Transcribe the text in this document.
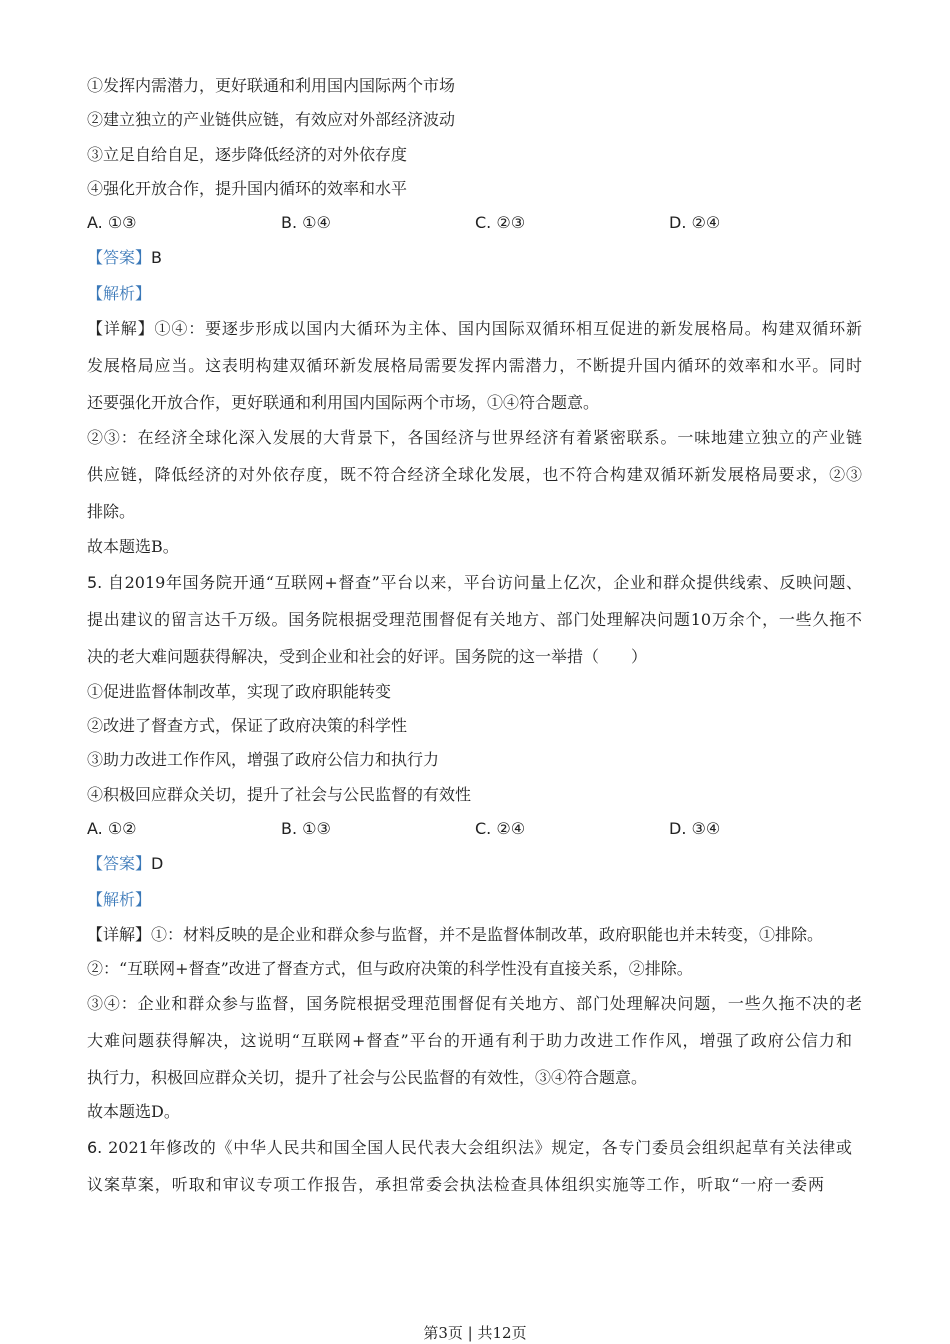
①发挥内需潜力，更好联通和利用国内国际两个市场
②建立独立的产业链供应链，有效应对外部经济波动
③立足自给自足，逐步降低经济的对外依存度
④强化开放合作，提升国内循环的效率和水平
A. ①③	B. ①④	C. ②③	D. ②④
【答案】B
【解析】
【详解】①④：要逐步形成以国内大循环为主体、国内国际双循环相互促进的新发展格局。构建双循环新
发展格局应当。这表明构建双循环新发展格局需要发挥内需潜力，不断提升国内循环的效率和水平。同时
还要强化开放合作，更好联通和利用国内国际两个市场，①④符合题意。
②③：在经济全球化深入发展的大背景下，各国经济与世界经济有着紧密联系。一味地建立独立的产业链
供应链，降低经济的对外依存度，既不符合经济全球化发展，也不符合构建双循环新发展格局要求，②③
排除。
故本题选B。
5. 自2019年国务院开通“互联网+督查”平台以来，平台访问量上亿次，企业和群众提供线索、反映问题、
提出建议的留言达千万级。国务院根据受理范围督促有关地方、部门处理解决问题10万余个，一些久拖不
决的老大难问题获得解决，受到企业和社会的好评。国务院的这一举措（　　）
①促进监督体制改革，实现了政府职能转变
②改进了督查方式，保证了政府决策的科学性
③助力改进工作作风，增强了政府公信力和执行力
④积极回应群众关切，提升了社会与公民监督的有效性
A. ①②	B. ①③	C. ②④	D. ③④
【答案】D
【解析】
【详解】①：材料反映的是企业和群众参与监督，并不是监督体制改革，政府职能也并未转变，①排除。
②：“互联网+督查”改进了督查方式，但与政府决策的科学性没有直接关系，②排除。
③④：企业和群众参与监督，国务院根据受理范围督促有关地方、部门处理解决问题，一些久拖不决的老
大难问题获得解决，这说明“互联网+督查”平台的开通有利于助力改进工作作风，增强了政府公信力和
执行力，积极回应群众关切，提升了社会与公民监督的有效性，③④符合题意。
故本题选D。
6. 2021年修改的《中华人民共和国全国人民代表大会组织法》规定，各专门委员会组织起草有关法律或
议案草案，听取和审议专项工作报告，承担常委会执法检查具体组织实施等工作，听取“一府一委两
第3页 | 共12页
